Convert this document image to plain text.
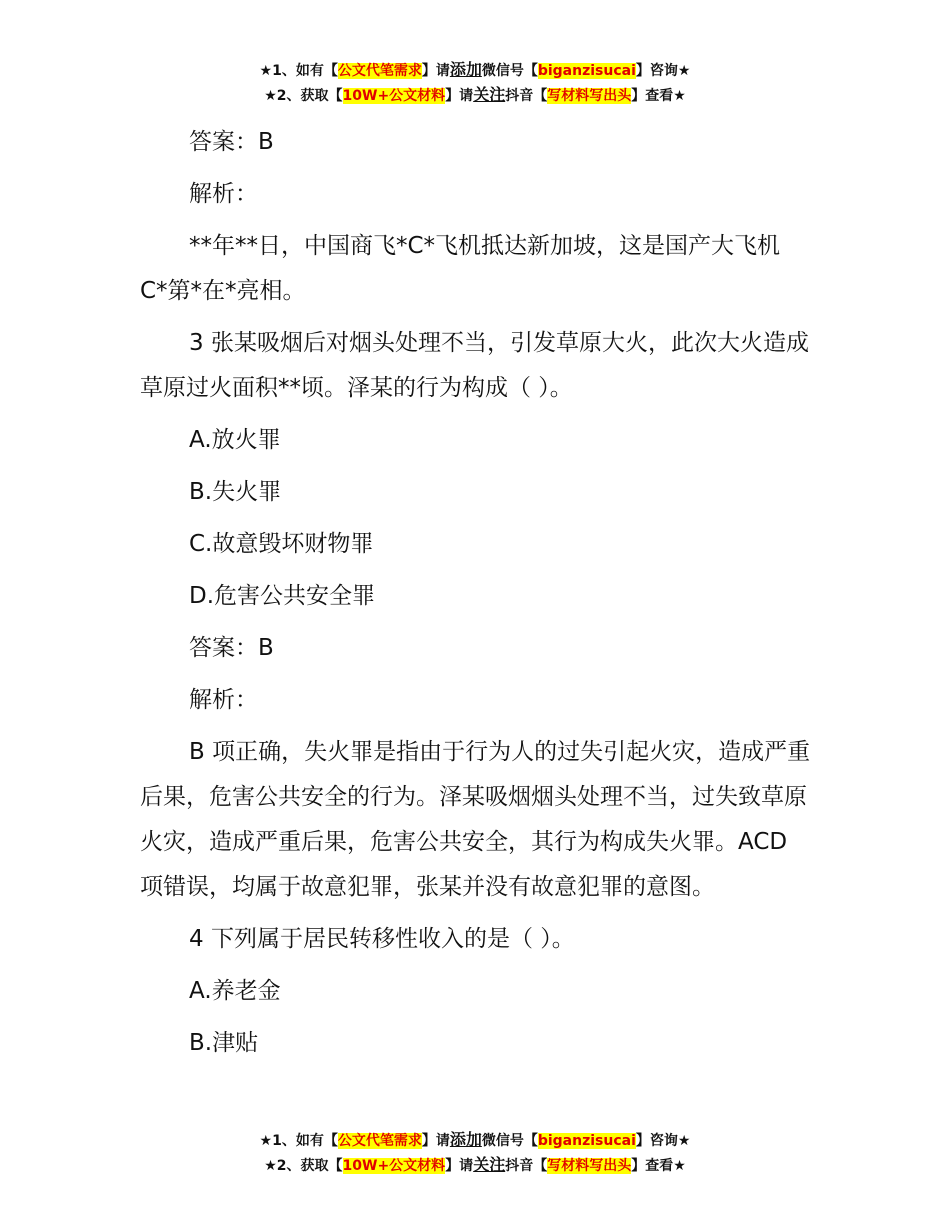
★1、如有【公文代笔需求】请添加微信号【biganzisucai】咨询★
★2、获取【10W+公文材料】请关注抖音【写材料写出头】查看★

答案：B

解析：

**年**日，中国商飞*C*飞机抵达新加坡，这是国产大飞机 C*第*在*亮相。

3 张某吸烟后对烟头处理不当，引发草原大火，此次大火造成草原过火面积**顷。泽某的行为构成（ ）。

A.放火罪

B.失火罪

C.故意毁坏财物罪

D.危害公共安全罪

答案：B

解析：

B 项正确，失火罪是指由于行为人的过失引起火灾，造成严重后果，危害公共安全的行为。泽某吸烟烟头处理不当，过失致草原火灾，造成严重后果，危害公共安全，其行为构成失火罪。ACD 项错误，均属于故意犯罪，张某并没有故意犯罪的意图。

4 下列属于居民转移性收入的是（ ）。

A.养老金

B.津贴

★1、如有【公文代笔需求】请添加微信号【biganzisucai】咨询★
★2、获取【10W+公文材料】请关注抖音【写材料写出头】查看★
